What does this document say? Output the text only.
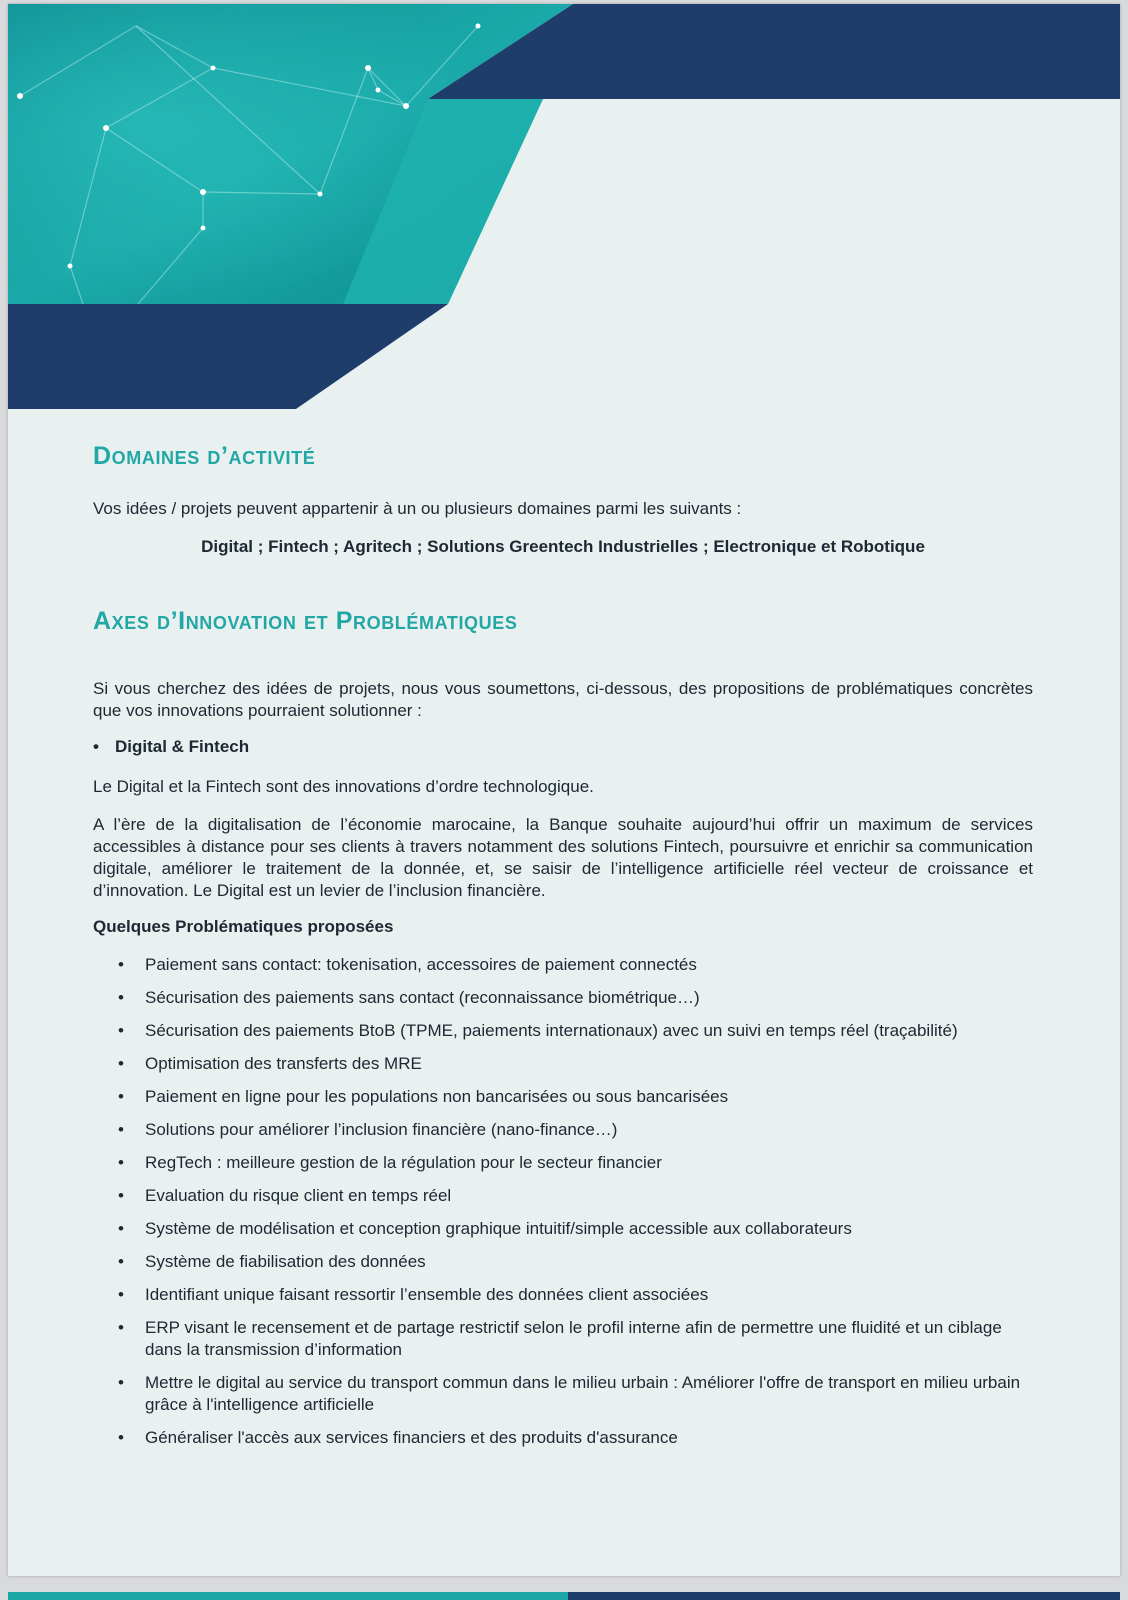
Domaines d’activité

Vos idées / projets peuvent appartenir à un ou plusieurs domaines parmi les suivants :

Digital ; Fintech ; Agritech ; Solutions Greentech Industrielles ; Electronique et Robotique

Axes d’Innovation et Problématiques

Si vous cherchez des idées de projets, nous vous soumettons, ci-dessous, des propositions de problématiques concrètes que vos innovations pourraient solutionner :

• Digital & Fintech

Le Digital et la Fintech sont des innovations d’ordre technologique.

A l’ère de la digitalisation de l’économie marocaine, la Banque souhaite aujourd’hui offrir un maximum de services accessibles à distance pour ses clients à travers notamment des solutions Fintech, poursuivre et enrichir sa communication digitale, améliorer le traitement de la donnée, et, se saisir de l’intelligence artificielle réel vecteur de croissance et d’innovation. Le Digital est un levier de l’inclusion financière.

Quelques Problématiques proposées

• Paiement sans contact: tokenisation, accessoires de paiement connectés
• Sécurisation des paiements sans contact (reconnaissance biométrique…)
• Sécurisation des paiements BtoB (TPME, paiements internationaux) avec un suivi en temps réel (traçabilité)
• Optimisation des transferts des MRE
• Paiement en ligne pour les populations non bancarisées ou sous bancarisées
• Solutions pour améliorer l’inclusion financière (nano-finance…)
• RegTech : meilleure gestion de la régulation pour le secteur financier
• Evaluation du risque client en temps réel
• Système de modélisation et conception graphique intuitif/simple accessible aux collaborateurs
• Système de fiabilisation des données
• Identifiant unique faisant ressortir l’ensemble des données client associées
• ERP visant le recensement et de partage restrictif selon le profil interne afin de permettre une fluidité et un ciblage dans la transmission d’information
• Mettre le digital au service du transport commun dans le milieu urbain : Améliorer l'offre de transport en milieu urbain grâce à l'intelligence artificielle
• Généraliser l'accès aux services financiers et des produits d'assurance
